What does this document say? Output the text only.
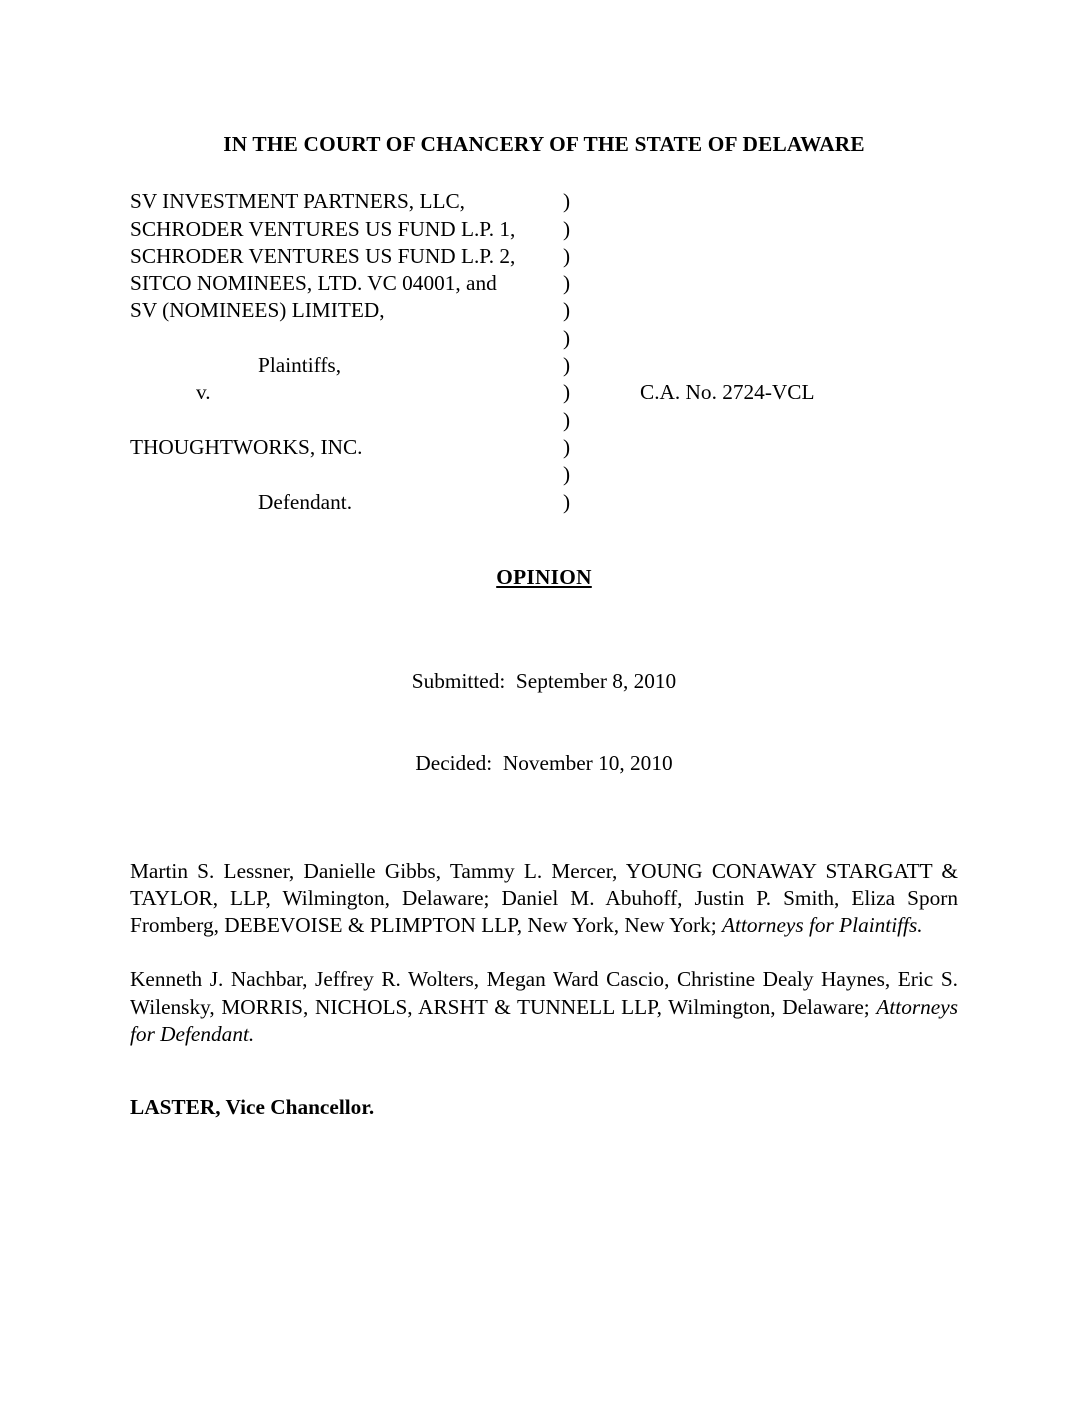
IN THE COURT OF CHANCERY OF THE STATE OF DELAWARE
SV INVESTMENT PARTNERS, LLC,	)
SCHRODER VENTURES US FUND L.P. 1,	)
SCHRODER VENTURES US FUND L.P. 2,	)
SITCO NOMINEES, LTD. VC 04001, and	)
SV (NOMINEES) LIMITED,	)
)
Plaintiffs,	)
v.	)	C.A. No. 2724-VCL
)
THOUGHTWORKS, INC.	)
)
Defendant.	)
OPINION

Submitted:  September 8, 2010

Decided:  November 10, 2010

Martin S. Lessner, Danielle Gibbs, Tammy L. Mercer, YOUNG CONAWAY STARGATT & TAYLOR, LLP, Wilmington, Delaware; Daniel M. Abuhoff, Justin P. Smith, Eliza Sporn Fromberg, DEBEVOISE & PLIMPTON LLP, New York, New York; Attorneys for Plaintiffs.

Kenneth J. Nachbar, Jeffrey R. Wolters, Megan Ward Cascio, Christine Dealy Haynes, Eric S. Wilensky, MORRIS, NICHOLS, ARSHT & TUNNELL LLP, Wilmington, Delaware; Attorneys for Defendant.

LASTER, Vice Chancellor.
